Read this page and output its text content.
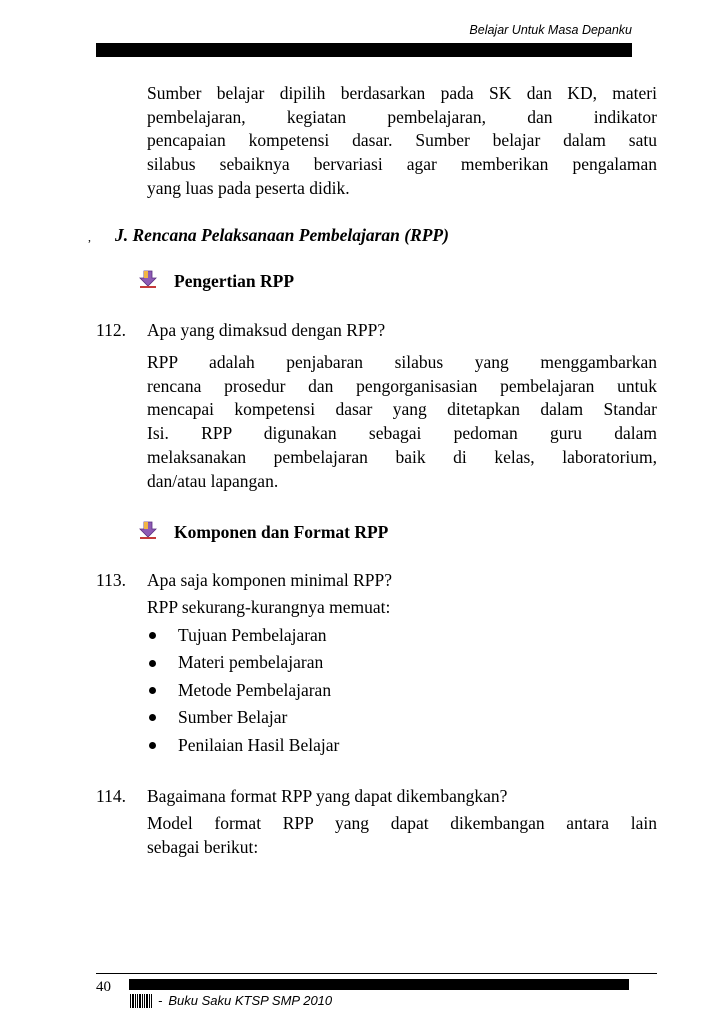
Belajar Untuk Masa Depanku
Sumber belajar dipilih berdasarkan pada SK dan KD, materi
pembelajaran, kegiatan pembelajaran, dan indikator
pencapaian kompetensi dasar. Sumber belajar dalam satu
silabus sebaiknya bervariasi agar memberikan pengalaman
yang luas pada peserta didik.
, J. Rencana Pelaksanaan Pembelajaran (RPP)
Pengertian RPP
112. Apa yang dimaksud dengan RPP?
RPP adalah penjabaran silabus yang menggambarkan
rencana prosedur dan pengorganisasian pembelajaran untuk
mencapai kompetensi dasar yang ditetapkan dalam Standar
Isi. RPP digunakan sebagai pedoman guru dalam
melaksanakan pembelajaran baik di kelas, laboratorium,
dan/atau lapangan.
Komponen dan Format RPP
113. Apa saja komponen minimal RPP?
RPP sekurang-kurangnya memuat:
Tujuan Pembelajaran
Materi pembelajaran
Metode Pembelajaran
Sumber Belajar
Penilaian Hasil Belajar
114. Bagaimana format RPP yang dapat dikembangkan?
Model format RPP yang dapat dikembangan antara lain
sebagai berikut:
40
- Buku Saku KTSP SMP 2010
